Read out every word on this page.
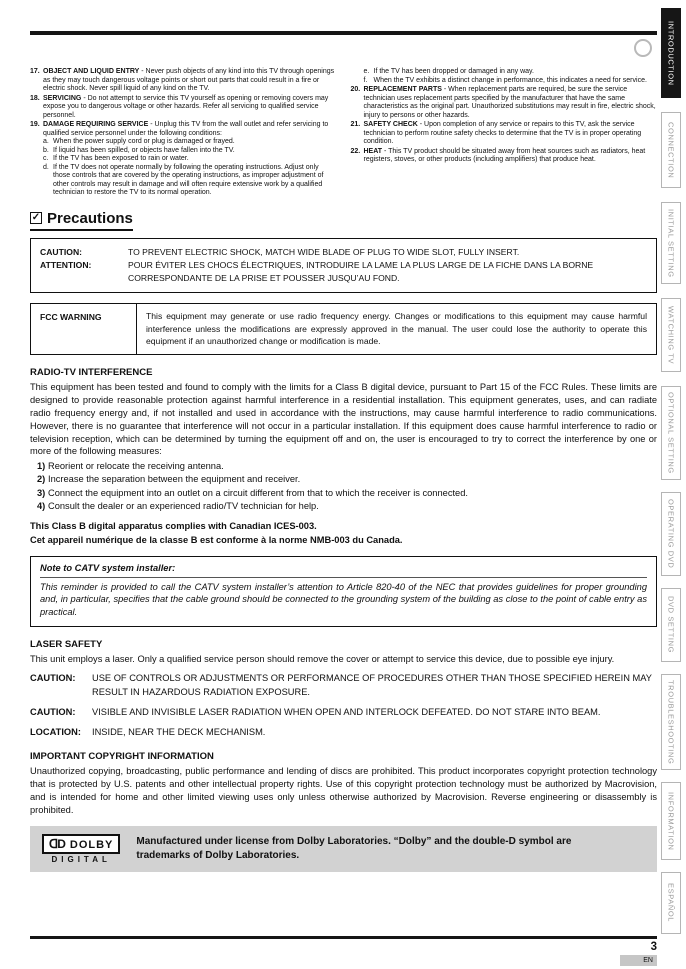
17. OBJECT AND LIQUID ENTRY - Never push objects of any kind into this TV through openings as they may touch dangerous voltage points or short out parts that could result in a fire or electric shock. Never spill liquid of any kind on the TV.
18. SERVICING - Do not attempt to service this TV yourself as opening or removing covers may expose you to dangerous voltage or other hazards. Refer all servicing to qualified service personnel.
19. DAMAGE REQUIRING SERVICE - Unplug this TV from the wall outlet and refer servicing to qualified service personnel under the following conditions:
a. When the power supply cord or plug is damaged or frayed.
b. If liquid has been spilled, or objects have fallen into the TV.
c. If the TV has been exposed to rain or water.
d. If the TV does not operate normally by following the operating instructions. Adjust only those controls that are covered by the operating instructions, as improper adjustment of other controls may result in damage and will often require extensive work by a qualified technician to restore the TV to its normal operation.
e. If the TV has been dropped or damaged in any way.
f. When the TV exhibits a distinct change in performance, this indicates a need for service.
20. REPLACEMENT PARTS - When replacement parts are required, be sure the service technician uses replacement parts specified by the manufacturer that have the same characteristics as the original part. Unauthorized substitutions may result in fire, electric shock, injury to persons or other hazards.
21. SAFETY CHECK - Upon completion of any service or repairs to this TV, ask the service technician to perform routine safety checks to determine that the TV is in proper operating condition.
22. HEAT - This TV product should be situated away from heat sources such as radiators, heat registers, stoves, or other products (including amplifiers) that produce heat.
✓ Precautions
CAUTION:	TO PREVENT ELECTRIC SHOCK, MATCH WIDE BLADE OF PLUG TO WIDE SLOT, FULLY INSERT.
ATTENTION:	POUR ÉVITER LES CHOCS ÉLECTRIQUES, INTRODUIRE LA LAME LA PLUS LARGE DE LA FICHE DANS LA BORNE CORRESPONDANTE DE LA PRISE ET POUSSER JUSQU’AU FOND.
FCC WARNING	This equipment may generate or use radio frequency energy. Changes or modifications to this equipment may cause harmful interference unless the modifications are expressly approved in the manual. The user could lose the authority to operate this equipment if an unauthorized change or modification is made.
RADIO-TV INTERFERENCE
This equipment has been tested and found to comply with the limits for a Class B digital device, pursuant to Part 15 of the FCC Rules. These limits are designed to provide reasonable protection against harmful interference in a residential installation. This equipment generates, uses, and can radiate radio frequency energy and, if not installed and used in accordance with the instructions, may cause harmful interference to radio communications. However, there is no guarantee that interference will not occur in a particular installation. If this equipment does cause harmful interference to radio or television reception, which can be determined by turning the equipment off and on, the user is encouraged to try to correct the interference by one or more of the following measures:
1) Reorient or relocate the receiving antenna.
2) Increase the separation between the equipment and receiver.
3) Connect the equipment into an outlet on a circuit different from that to which the receiver is connected.
4) Consult the dealer or an experienced radio/TV technician for help.
This Class B digital apparatus complies with Canadian ICES-003.
Cet appareil numérique de la classe B est conforme à la norme NMB-003 du Canada.
Note to CATV system installer:
This reminder is provided to call the CATV system installer’s attention to Article 820-40 of the NEC that provides guidelines for proper grounding and, in particular, specifies that the cable ground should be connected to the grounding system of the building as close to the point of cable entry as practical.
LASER SAFETY
This unit employs a laser. Only a qualified service person should remove the cover or attempt to service this device, due to possible eye injury.
CAUTION:	USE OF CONTROLS OR ADJUSTMENTS OR PERFORMANCE OF PROCEDURES OTHER THAN THOSE SPECIFIED HEREIN MAY RESULT IN HAZARDOUS RADIATION EXPOSURE.
CAUTION:	VISIBLE AND INVISIBLE LASER RADIATION WHEN OPEN AND INTERLOCK DEFEATED. DO NOT STARE INTO BEAM.
LOCATION:	INSIDE, NEAR THE DECK MECHANISM.
IMPORTANT COPYRIGHT INFORMATION
Unauthorized copying, broadcasting, public performance and lending of discs are prohibited. This product incorporates copyright protection technology that is protected by U.S. patents and other intellectual property rights. Use of this copyright protection technology must be authorized by Macrovision, and is intended for home and other limited viewing uses only unless otherwise authorized by Macrovision. Reverse engineering or disassembly is prohibited.
ᗡD DOLBY
DIGITAL
Manufactured under license from Dolby Laboratories. “Dolby” and the double-D symbol are trademarks of Dolby Laboratories.
3
EN
INTRODUCTION
CONNECTION
INITIAL SETTING
WATCHING TV
OPTIONAL SETTING
OPERATING DVD
DVD SETTING
TROUBLESHOOTING
INFORMATION
ESPAÑOL
